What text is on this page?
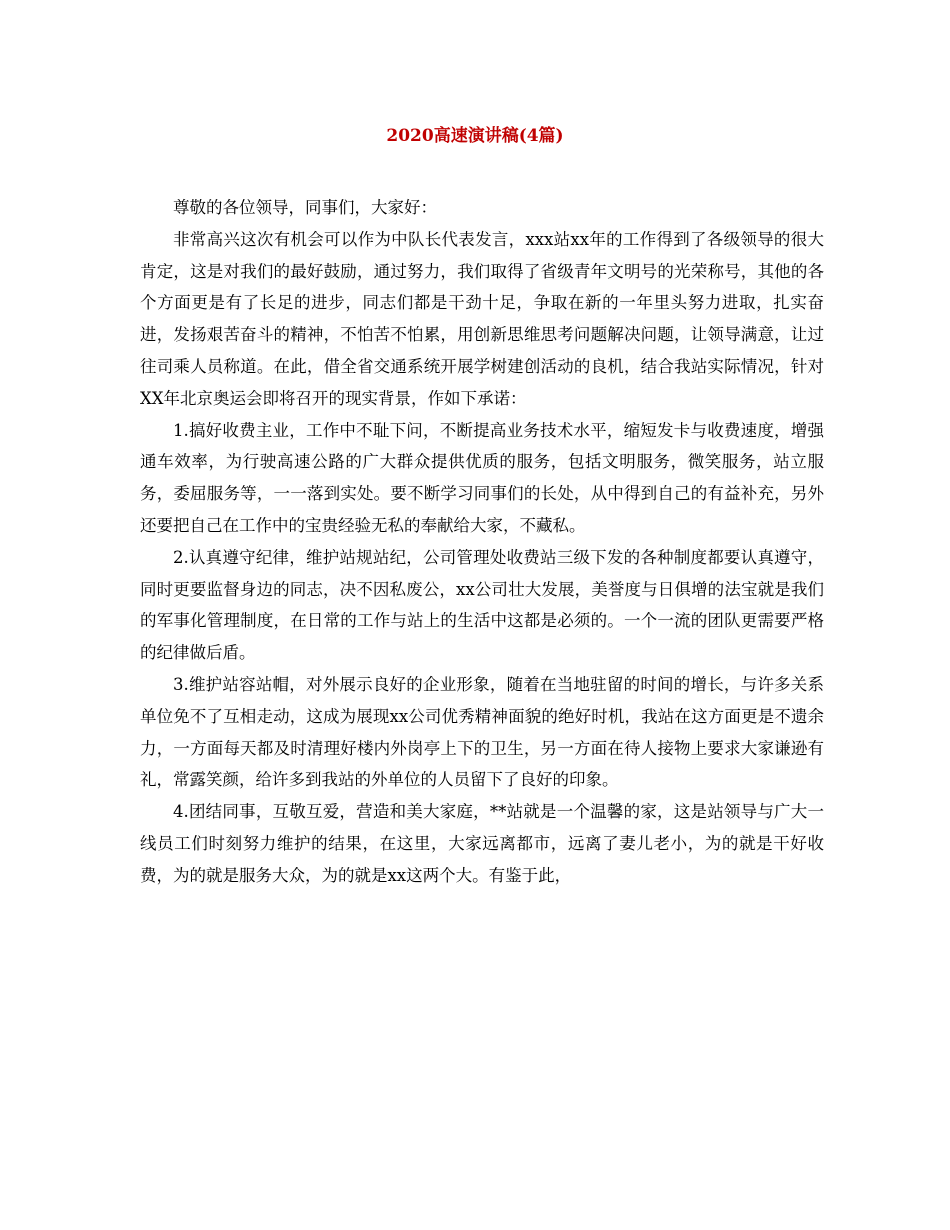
2020高速演讲稿(4篇)

尊敬的各位领导，同事们，大家好：

非常高兴这次有机会可以作为中队长代表发言，xxx站xx年的工作得到了各级领导的很大肯定，这是对我们的最好鼓励，通过努力，我们取得了省级青年文明号的光荣称号，其他的各个方面更是有了长足的进步，同志们都是干劲十足，争取在新的一年里头努力进取，扎实奋进，发扬艰苦奋斗的精神，不怕苦不怕累，用创新思维思考问题解决问题，让领导满意，让过往司乘人员称道。在此，借全省交通系统开展学树建创活动的良机，结合我站实际情况，针对XX年北京奥运会即将召开的现实背景，作如下承诺：

1.搞好收费主业，工作中不耻下问，不断提高业务技术水平，缩短发卡与收费速度，增强通车效率，为行驶高速公路的广大群众提供优质的服务，包括文明服务，微笑服务，站立服务，委屈服务等，一一落到实处。要不断学习同事们的长处，从中得到自己的有益补充，另外还要把自己在工作中的宝贵经验无私的奉献给大家，不藏私。

2.认真遵守纪律，维护站规站纪，公司管理处收费站三级下发的各种制度都要认真遵守，同时更要监督身边的同志，决不因私废公，xx公司壮大发展，美誉度与日俱增的法宝就是我们的军事化管理制度，在日常的工作与站上的生活中这都是必须的。一个一流的团队更需要严格的纪律做后盾。

3.维护站容站帽，对外展示良好的企业形象，随着在当地驻留的时间的增长，与许多关系单位免不了互相走动，这成为展现xx公司优秀精神面貌的绝好时机，我站在这方面更是不遗余力，一方面每天都及时清理好楼内外岗亭上下的卫生，另一方面在待人接物上要求大家谦逊有礼，常露笑颜，给许多到我站的外单位的人员留下了良好的印象。

4.团结同事，互敬互爱，营造和美大家庭，**站就是一个温馨的家，这是站领导与广大一线员工们时刻努力维护的结果，在这里，大家远离都市，远离了妻儿老小，为的就是干好收费，为的就是服务大众，为的就是xx这两个大。有鉴于此，
